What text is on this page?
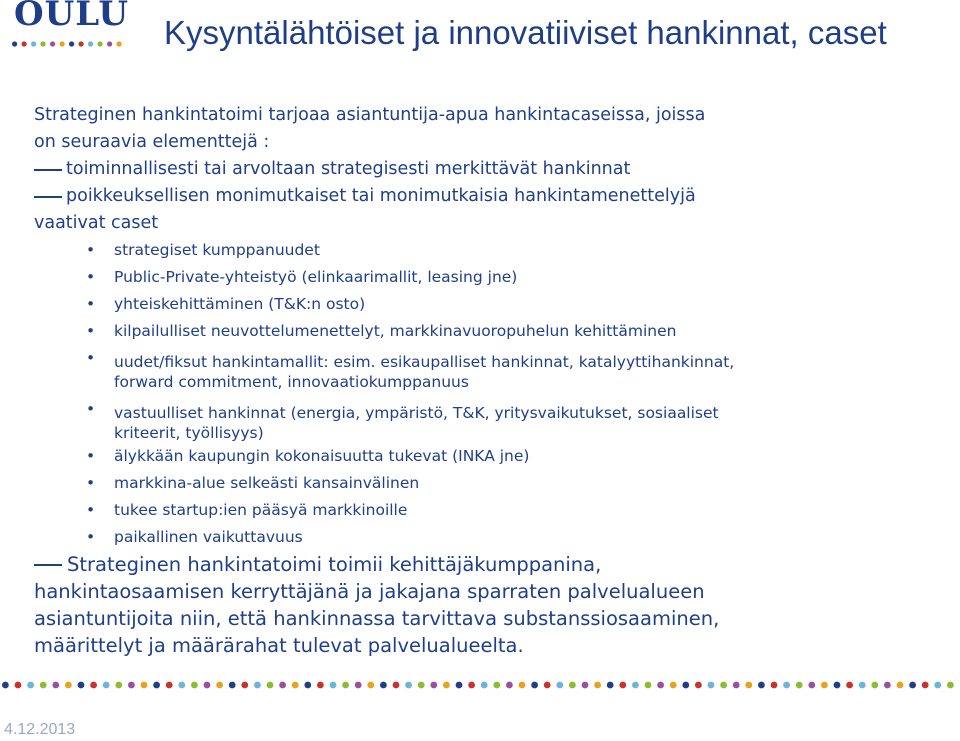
OULU Kysyntälähtöiset ja innovatiiviset hankinnat, caset
Strateginen hankintatoimi tarjoaa asiantuntija-apua hankintacaseissa, joissa
on seuraavia elementtejä :
toiminnallisesti tai arvoltaan strategisesti merkittävät hankinnat
poikkeuksellisen monimutkaiset tai monimutkaisia hankintamenettelyjä
vaativat caset
• strategiset kumppanuudet
• Public-Private-yhteistyö (elinkaarimallit, leasing jne)
• yhteiskehittäminen (T&K:n osto)
• kilpailulliset neuvottelumenettelyt, markkinavuoropuhelun kehittäminen
• uudet/fiksut hankintamallit: esim. esikaupalliset hankinnat, katalyyttihankinnat,
forward commitment, innovaatiokumppanuus
• vastuulliset hankinnat (energia, ympäristö, T&K, yritysvaikutukset, sosiaaliset
kriteerit, työllisyys)
• älykkään kaupungin kokonaisuutta tukevat (INKA jne)
• markkina-alue selkeästi kansainvälinen
• tukee startup:ien pääsyä markkinoille
• paikallinen vaikuttavuus
Strateginen hankintatoimi toimii kehittäjäkumppanina,
hankintaosaamisen kerryttäjänä ja jakajana sparraten palvelualueen
asiantuntijoita niin, että hankinnassa tarvittava substanssiosaaminen,
määrittelyt ja määrärahat tulevat palvelualueelta.
4.12.2013
